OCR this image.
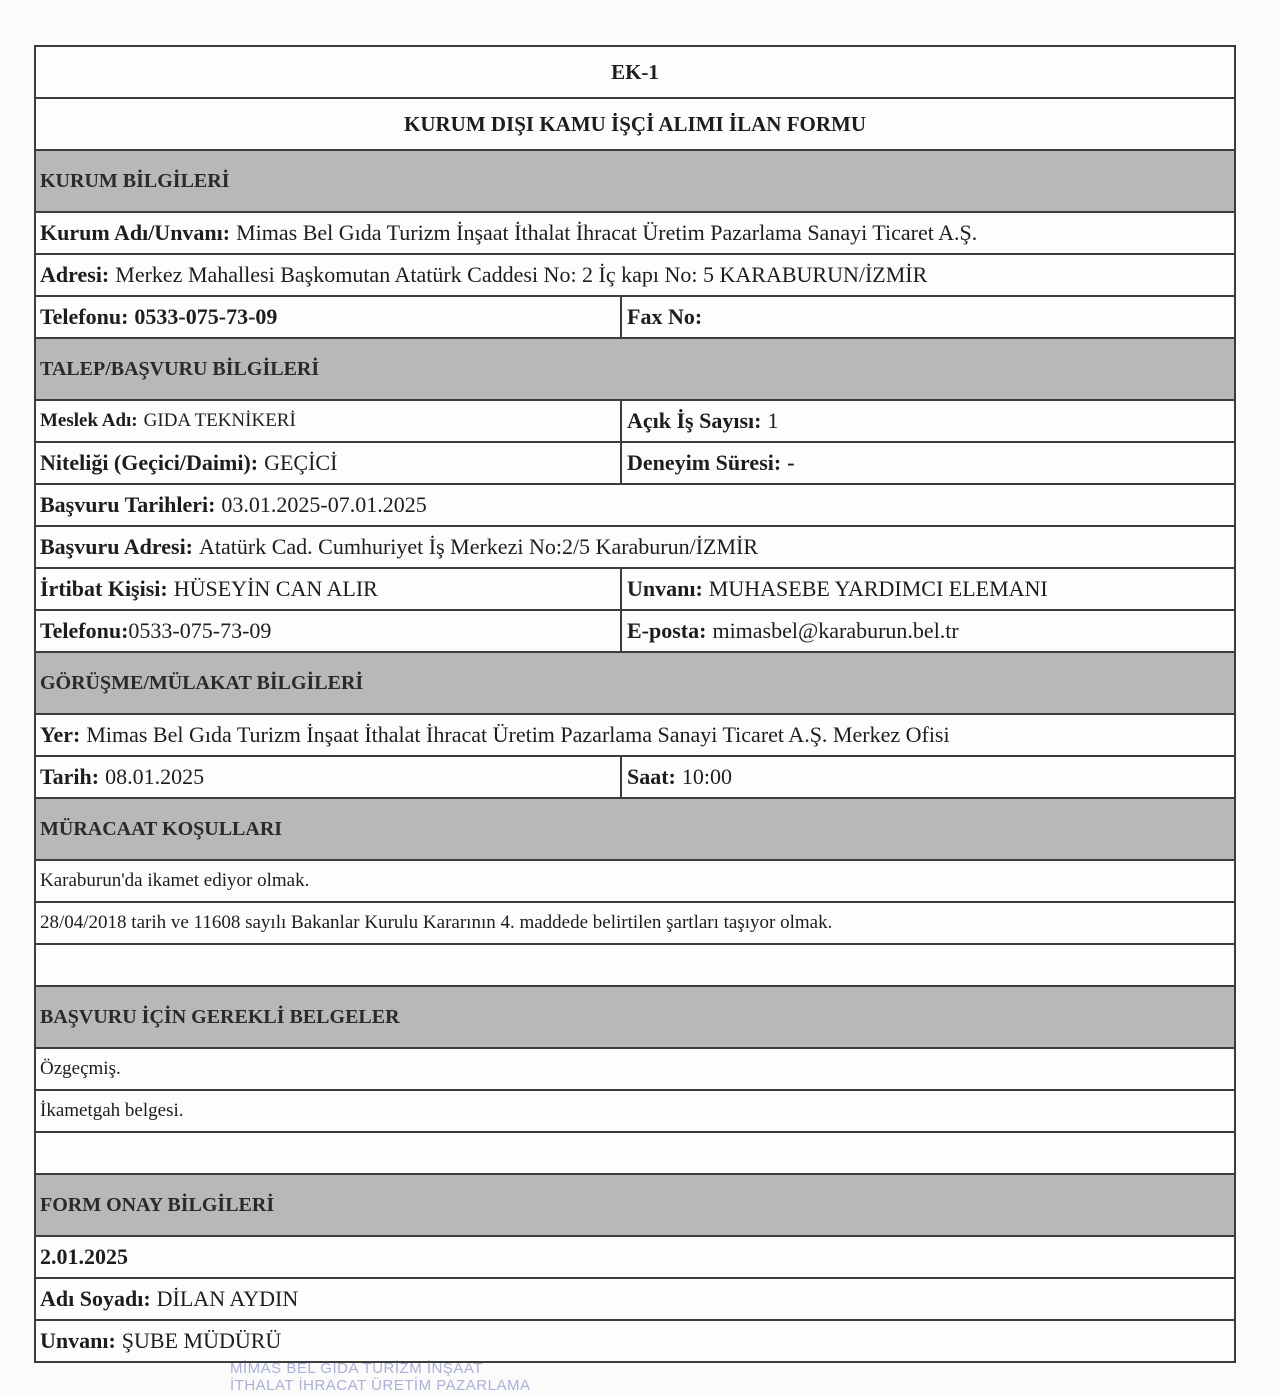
EK-1
KURUM DIŞI KAMU İŞÇİ ALIMI İLAN FORMU
KURUM BİLGİLERİ
Kurum Adı/Unvanı: Mimas Bel Gıda Turizm İnşaat İthalat İhracat Üretim Pazarlama Sanayi Ticaret A.Ş.
Adresi: Merkez Mahallesi Başkomutan Atatürk Caddesi No: 2 İç kapı No: 5 KARABURUN/İZMİR
Telefonu: 0533-075-73-09	Fax No:
TALEP/BAŞVURU BİLGİLERİ
Meslek Adı: GIDA TEKNİKERİ	Açık İş Sayısı: 1
Niteliği (Geçici/Daimi): GEÇİCİ	Deneyim Süresi: -
Başvuru Tarihleri: 03.01.2025-07.01.2025
Başvuru Adresi: Atatürk Cad. Cumhuriyet İş Merkezi No:2/5 Karaburun/İZMİR
İrtibat Kişisi: HÜSEYİN CAN ALIR	Unvanı: MUHASEBE YARDIMCI ELEMANI
Telefonu: 0533-075-73-09	E-posta: mimasbel@karaburun.bel.tr
GÖRÜŞME/MÜLAKAT BİLGİLERİ
Yer: Mimas Bel Gıda Turizm İnşaat İthalat İhracat Üretim Pazarlama Sanayi Ticaret A.Ş. Merkez Ofisi
Tarih: 08.01.2025	Saat: 10:00
MÜRACAAT KOŞULLARI
Karaburun'da ikamet ediyor olmak.
28/04/2018 tarih ve 11608 sayılı Bakanlar Kurulu Kararının 4. maddede belirtilen şartları taşıyor olmak.
BAŞVURU İÇİN GEREKLİ BELGELER
Özgeçmiş.
İkametgah belgesi.
FORM ONAY BİLGİLERİ
2.01.2025
Adı Soyadı: DİLAN AYDIN
Unvanı: ŞUBE MÜDÜRÜ
MİMAS BEL GIDA TURİZM İNŞAAT
İTHALAT İHRACAT ÜRETİM PAZARLAMA
